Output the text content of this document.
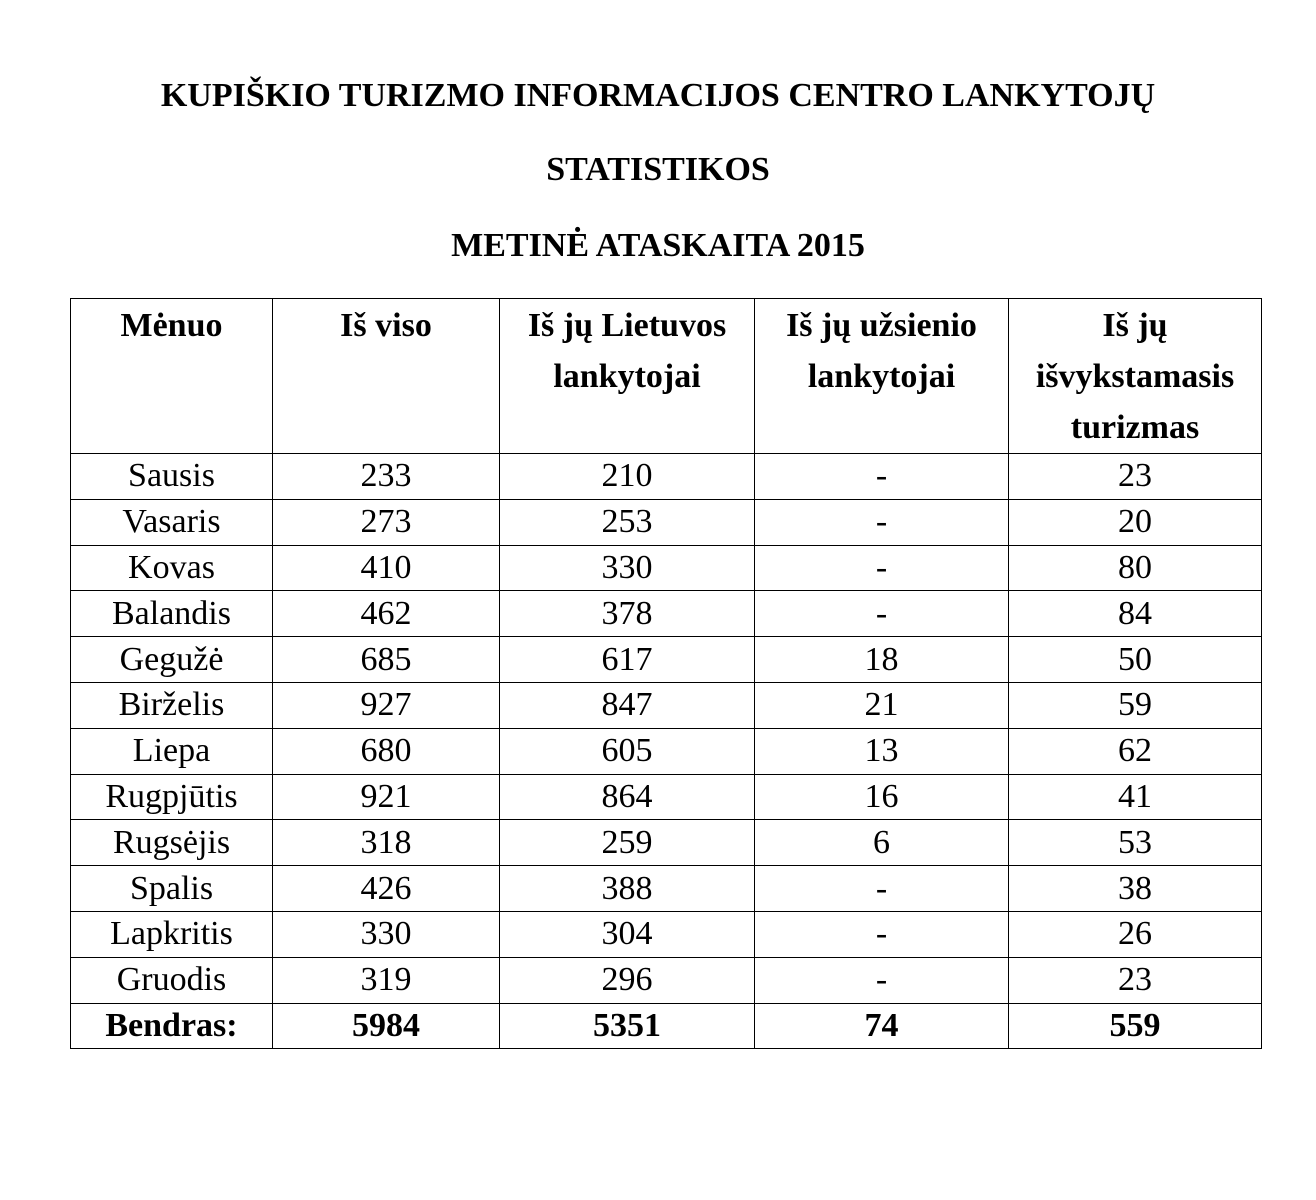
KUPIŠKIO TURIZMO INFORMACIJOS CENTRO LANKYTOJŲ
STATISTIKOS
METINĖ ATASKAITA 2015
Mėnuo	Iš viso	Iš jų Lietuvos lankytojai	Iš jų užsienio lankytojai	Iš jų išvykstamasis turizmas
Sausis	233	210	-	23
Vasaris	273	253	-	20
Kovas	410	330	-	80
Balandis	462	378	-	84
Gegužė	685	617	18	50
Birželis	927	847	21	59
Liepa	680	605	13	62
Rugpjūtis	921	864	16	41
Rugsėjis	318	259	6	53
Spalis	426	388	-	38
Lapkritis	330	304	-	26
Gruodis	319	296	-	23
Bendras:	5984	5351	74	559
